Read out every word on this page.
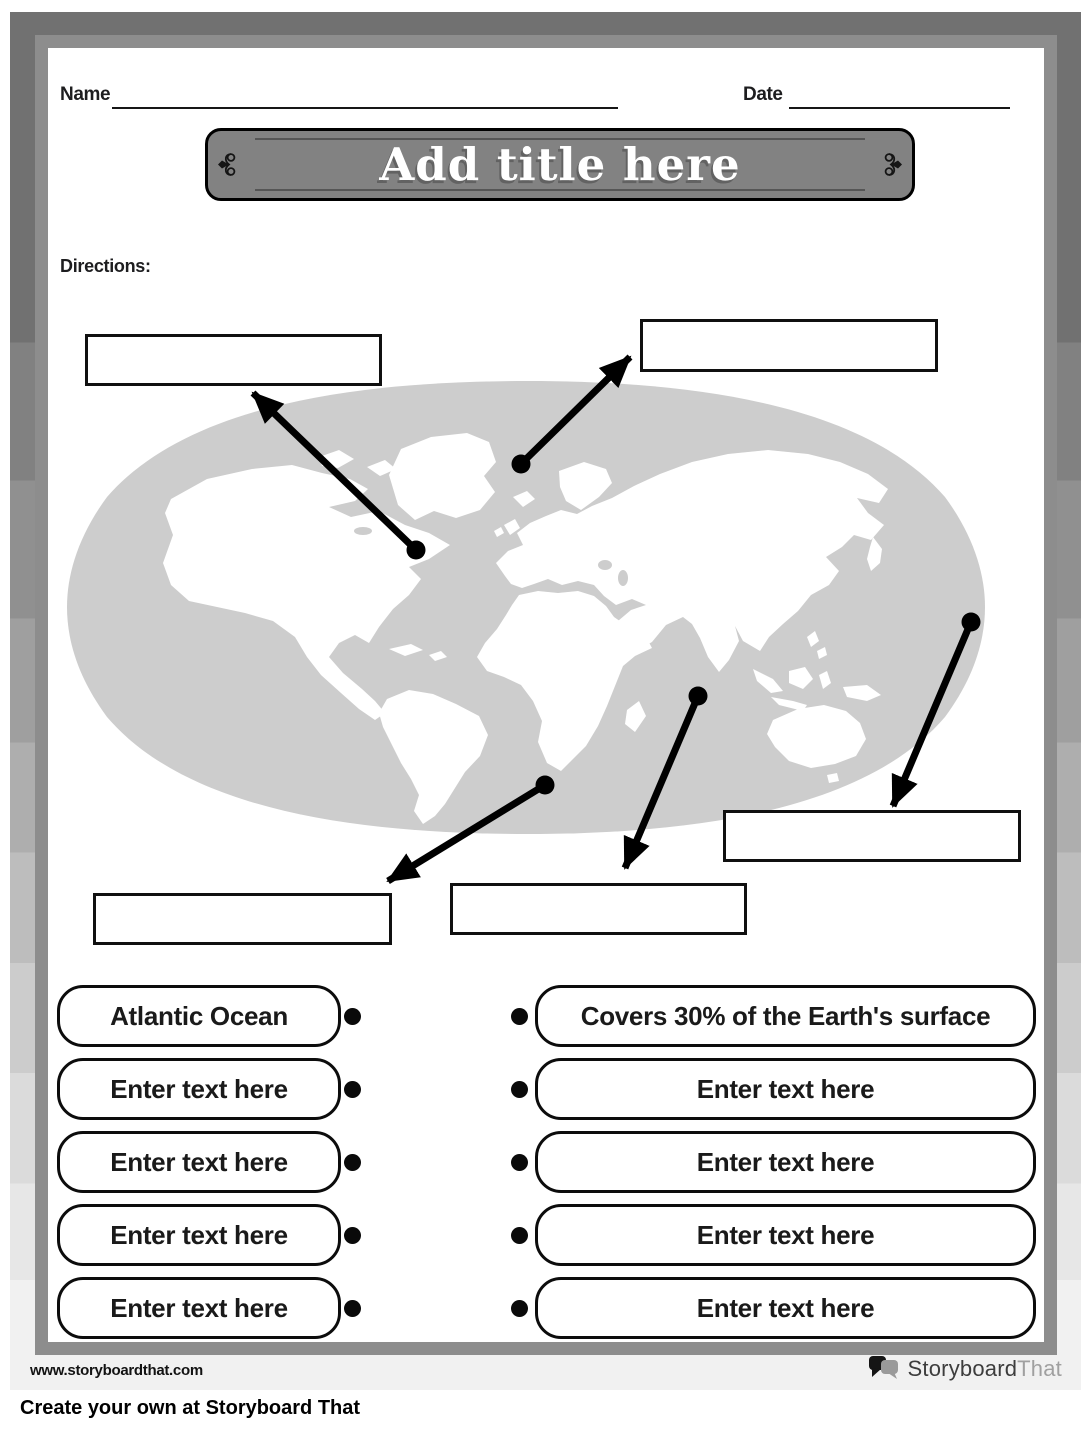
Name	Date
Add title here
Directions:
Atlantic Ocean
Enter text here
Enter text here
Enter text here
Enter text here
Covers 30% of the Earth's surface
Enter text here
Enter text here
Enter text here
Enter text here
www.storyboardthat.com	StoryboardThat
Create your own at Storyboard That
